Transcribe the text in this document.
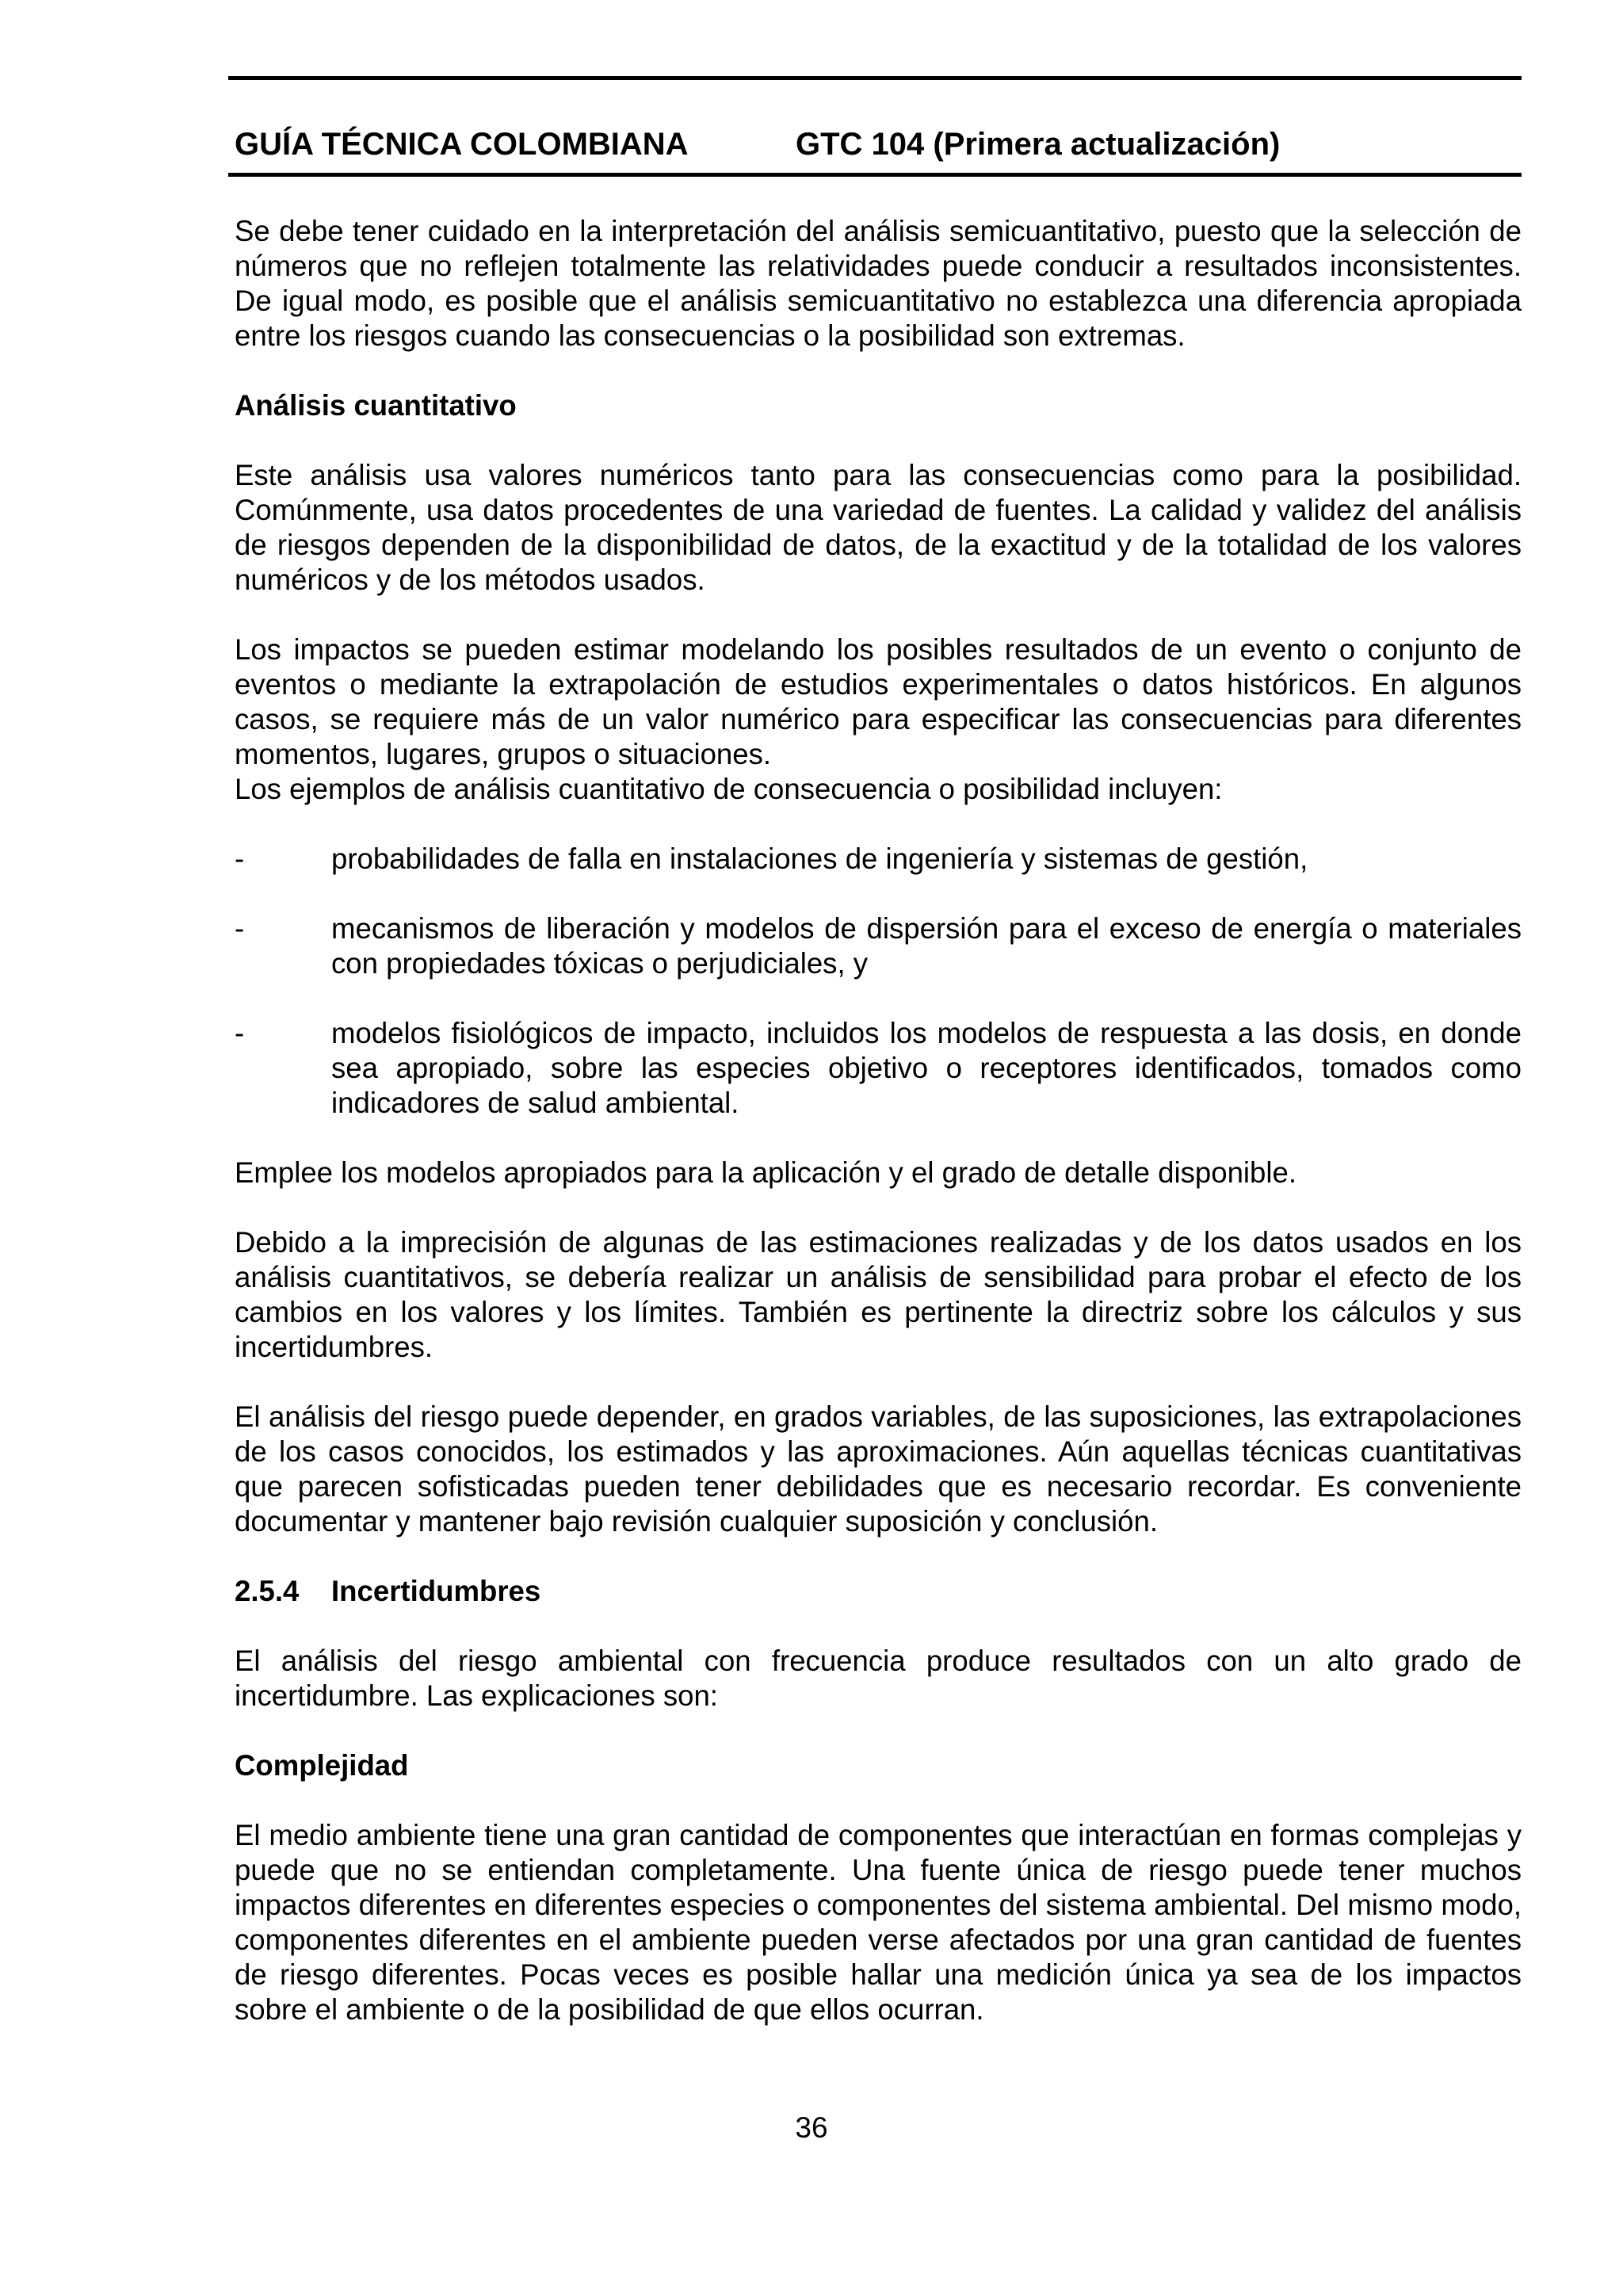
GUÍA TÉCNICA COLOMBIANA	GTC 104 (Primera actualización)

Se debe tener cuidado en la interpretación del análisis semicuantitativo, puesto que la selección de números que no reflejen totalmente las relatividades puede conducir a resultados inconsistentes. De igual modo, es posible que el análisis semicuantitativo no establezca una diferencia apropiada entre los riesgos cuando las consecuencias o la posibilidad son extremas.

Análisis cuantitativo

Este análisis usa valores numéricos tanto para las consecuencias como para la posibilidad. Comúnmente, usa datos procedentes de una variedad de fuentes. La calidad y validez del análisis de riesgos dependen de la disponibilidad de datos, de la exactitud y de la totalidad de los valores numéricos y de los métodos usados.

Los impactos se pueden estimar modelando los posibles resultados de un evento o conjunto de eventos o mediante la extrapolación de estudios experimentales o datos históricos. En algunos casos, se requiere más de un valor numérico para especificar las consecuencias para diferentes momentos, lugares, grupos o situaciones.

Los ejemplos de análisis cuantitativo de consecuencia o posibilidad incluyen:

-	probabilidades de falla en instalaciones de ingeniería y sistemas de gestión,
-	mecanismos de liberación y modelos de dispersión para el exceso de energía o materiales con propiedades tóxicas o perjudiciales, y
-	modelos fisiológicos de impacto, incluidos los modelos de respuesta a las dosis, en donde sea apropiado, sobre las especies objetivo o receptores identificados, tomados como indicadores de salud ambiental.

Emplee los modelos apropiados para la aplicación y el grado de detalle disponible.

Debido a la imprecisión de algunas de las estimaciones realizadas y de los datos usados en los análisis cuantitativos, se debería realizar un análisis de sensibilidad para probar el efecto de los cambios en los valores y los límites. También es pertinente la directriz sobre los cálculos y sus incertidumbres.

El análisis del riesgo puede depender, en grados variables, de las suposiciones, las extrapolaciones de los casos conocidos, los estimados y las aproximaciones. Aún aquellas técnicas cuantitativas que parecen sofisticadas pueden tener debilidades que es necesario recordar. Es conveniente documentar y mantener bajo revisión cualquier suposición y conclusión.

2.5.4	Incertidumbres

El análisis del riesgo ambiental con frecuencia produce resultados con un alto grado de incertidumbre. Las explicaciones son:

Complejidad

El medio ambiente tiene una gran cantidad de componentes que interactúan en formas complejas y puede que no se entiendan completamente. Una fuente única de riesgo puede tener muchos impactos diferentes en diferentes especies o componentes del sistema ambiental. Del mismo modo, componentes diferentes en el ambiente pueden verse afectados por una gran cantidad de fuentes de riesgo diferentes. Pocas veces es posible hallar una medición única ya sea de los impactos sobre el ambiente o de la posibilidad de que ellos ocurran.

36
